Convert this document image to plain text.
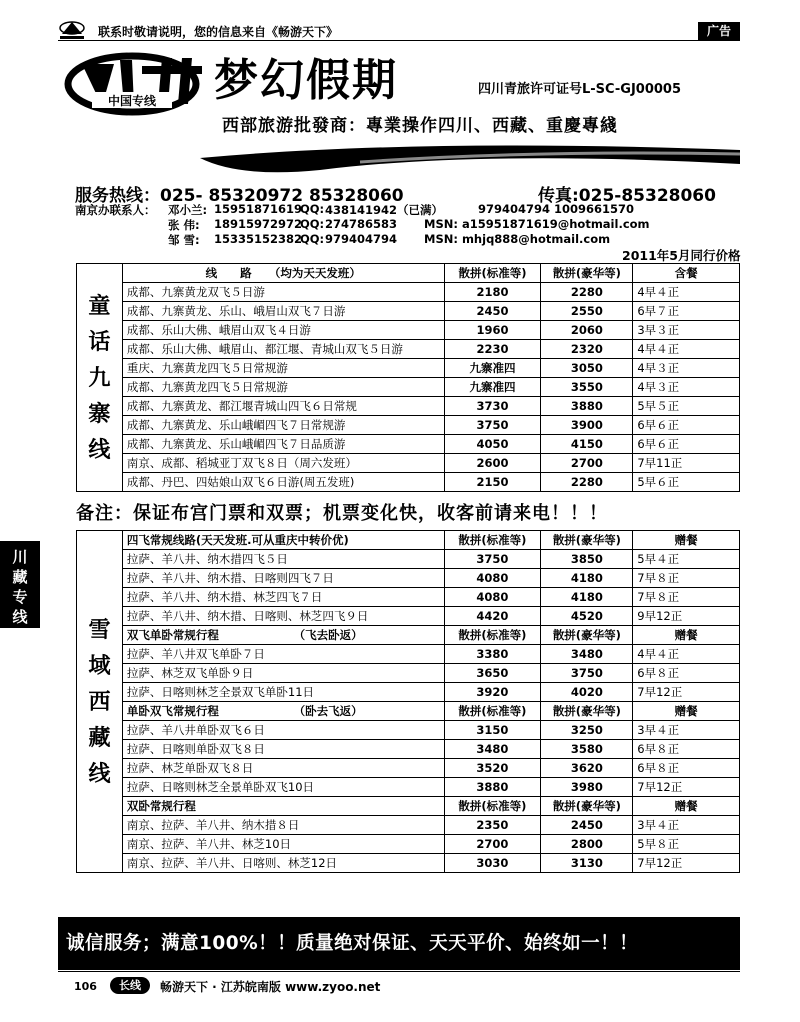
联系时敬请说明，您的信息来自《畅游天下》	广告
中国专线 梦幻假期	四川青旅许可证号L-SC-GJ00005
西部旅游批發商：專業操作四川、西藏、重慶專綫
服务热线：025- 85320972 85328060	传真:025-85328060
南京办联系人： 邓小兰: 15951871619
QQ: 438141942（已满）	979404794 1009661570
张 伟: 18915972972
QQ: 274786583 MSN: a15951871619@hotmail.com
邹 雪: 15335152382
QQ: 979404794 MSN: mhjq888@hotmail.com
2011年5月同行价格
童话九寨线	线　　路　　（均为天天发班）	散拼(标准等)	散拼(豪华等)	含餐
	成都、九寨黄龙双飞５日游	2180	2280	4早４正
	成都、九寨黄龙、乐山、峨眉山双飞７日游	2450	2550	6早７正
	成都、乐山大佛、峨眉山双飞４日游	1960	2060	3早３正
	成都、乐山大佛、峨眉山、都江堰、青城山双飞５日游	2230	2320	4早４正
	重庆、九寨黄龙四飞５日常规游	九寨准四	3050	4早３正
	成都、九寨黄龙四飞５日常规游	九寨准四	3550	4早３正
	成都、九寨黄龙、都江堰青城山四飞６日常规	3730	3880	5早５正
	成都、九寨黄龙、乐山峨嵋四飞７日常规游	3750	3900	6早６正
	成都、九寨黄龙、乐山峨嵋四飞７日品质游	4050	4150	6早６正
	南京、成都、稻城亚丁双飞８日（周六发班）	2600	2700	7早11正
	成都、丹巴、四姑娘山双飞６日游(周五发班)	2150	2280	5早６正
备注：保证布宫门票和双票；机票变化快，收客前请来电！！！
川藏专线	雪域西藏线	四飞常规线路(天天发班.可从重庆中转价优)	散拼(标准等)	散拼(豪华等)	赠餐
	拉萨、羊八井、纳木措四飞５日	3750	3850	5早４正
	拉萨、羊八井、纳木措、日喀则四飞７日	4080	4180	7早８正
	拉萨、羊八井、纳木措、林芝四飞７日	4080	4180	7早８正
	拉萨、羊八井、纳木措、日喀则、林芝四飞９日	4420	4520	9早12正
	双飞单卧常规行程　　　　　　　（飞去卧返）	散拼(标准等)	散拼(豪华等)	赠餐
	拉萨、羊八井双飞单卧７日	3380	3480	4早４正
	拉萨、林芝双飞单卧９日	3650	3750	6早８正
	拉萨、日喀则林芝全景双飞单卧11日	3920	4020	7早12正
	单卧双飞常规行程　　　　　　　（卧去飞返）	散拼(标准等)	散拼(豪华等)	赠餐
	拉萨、羊八井单卧双飞６日	3150	3250	3早４正
	拉萨、日喀则单卧双飞８日	3480	3580	6早８正
	拉萨、林芝单卧双飞８日	3520	3620	6早８正
	拉萨、日喀则林芝全景单卧双飞10日	3880	3980	7早12正
	双卧常规行程	散拼(标准等)	散拼(豪华等)	赠餐
	南京、拉萨、羊八井、纳木措８日	2350	2450	3早４正
	南京、拉萨、羊八井、林芝10日	2700	2800	5早８正
	南京、拉萨、羊八井、日喀则、林芝12日	3030	3130	7早12正
诚信服务；满意100%！！质量绝对保证、天天平价、始终如一！！
106	长线	畅游天下 · 江苏皖南版 www.zyoo.net
